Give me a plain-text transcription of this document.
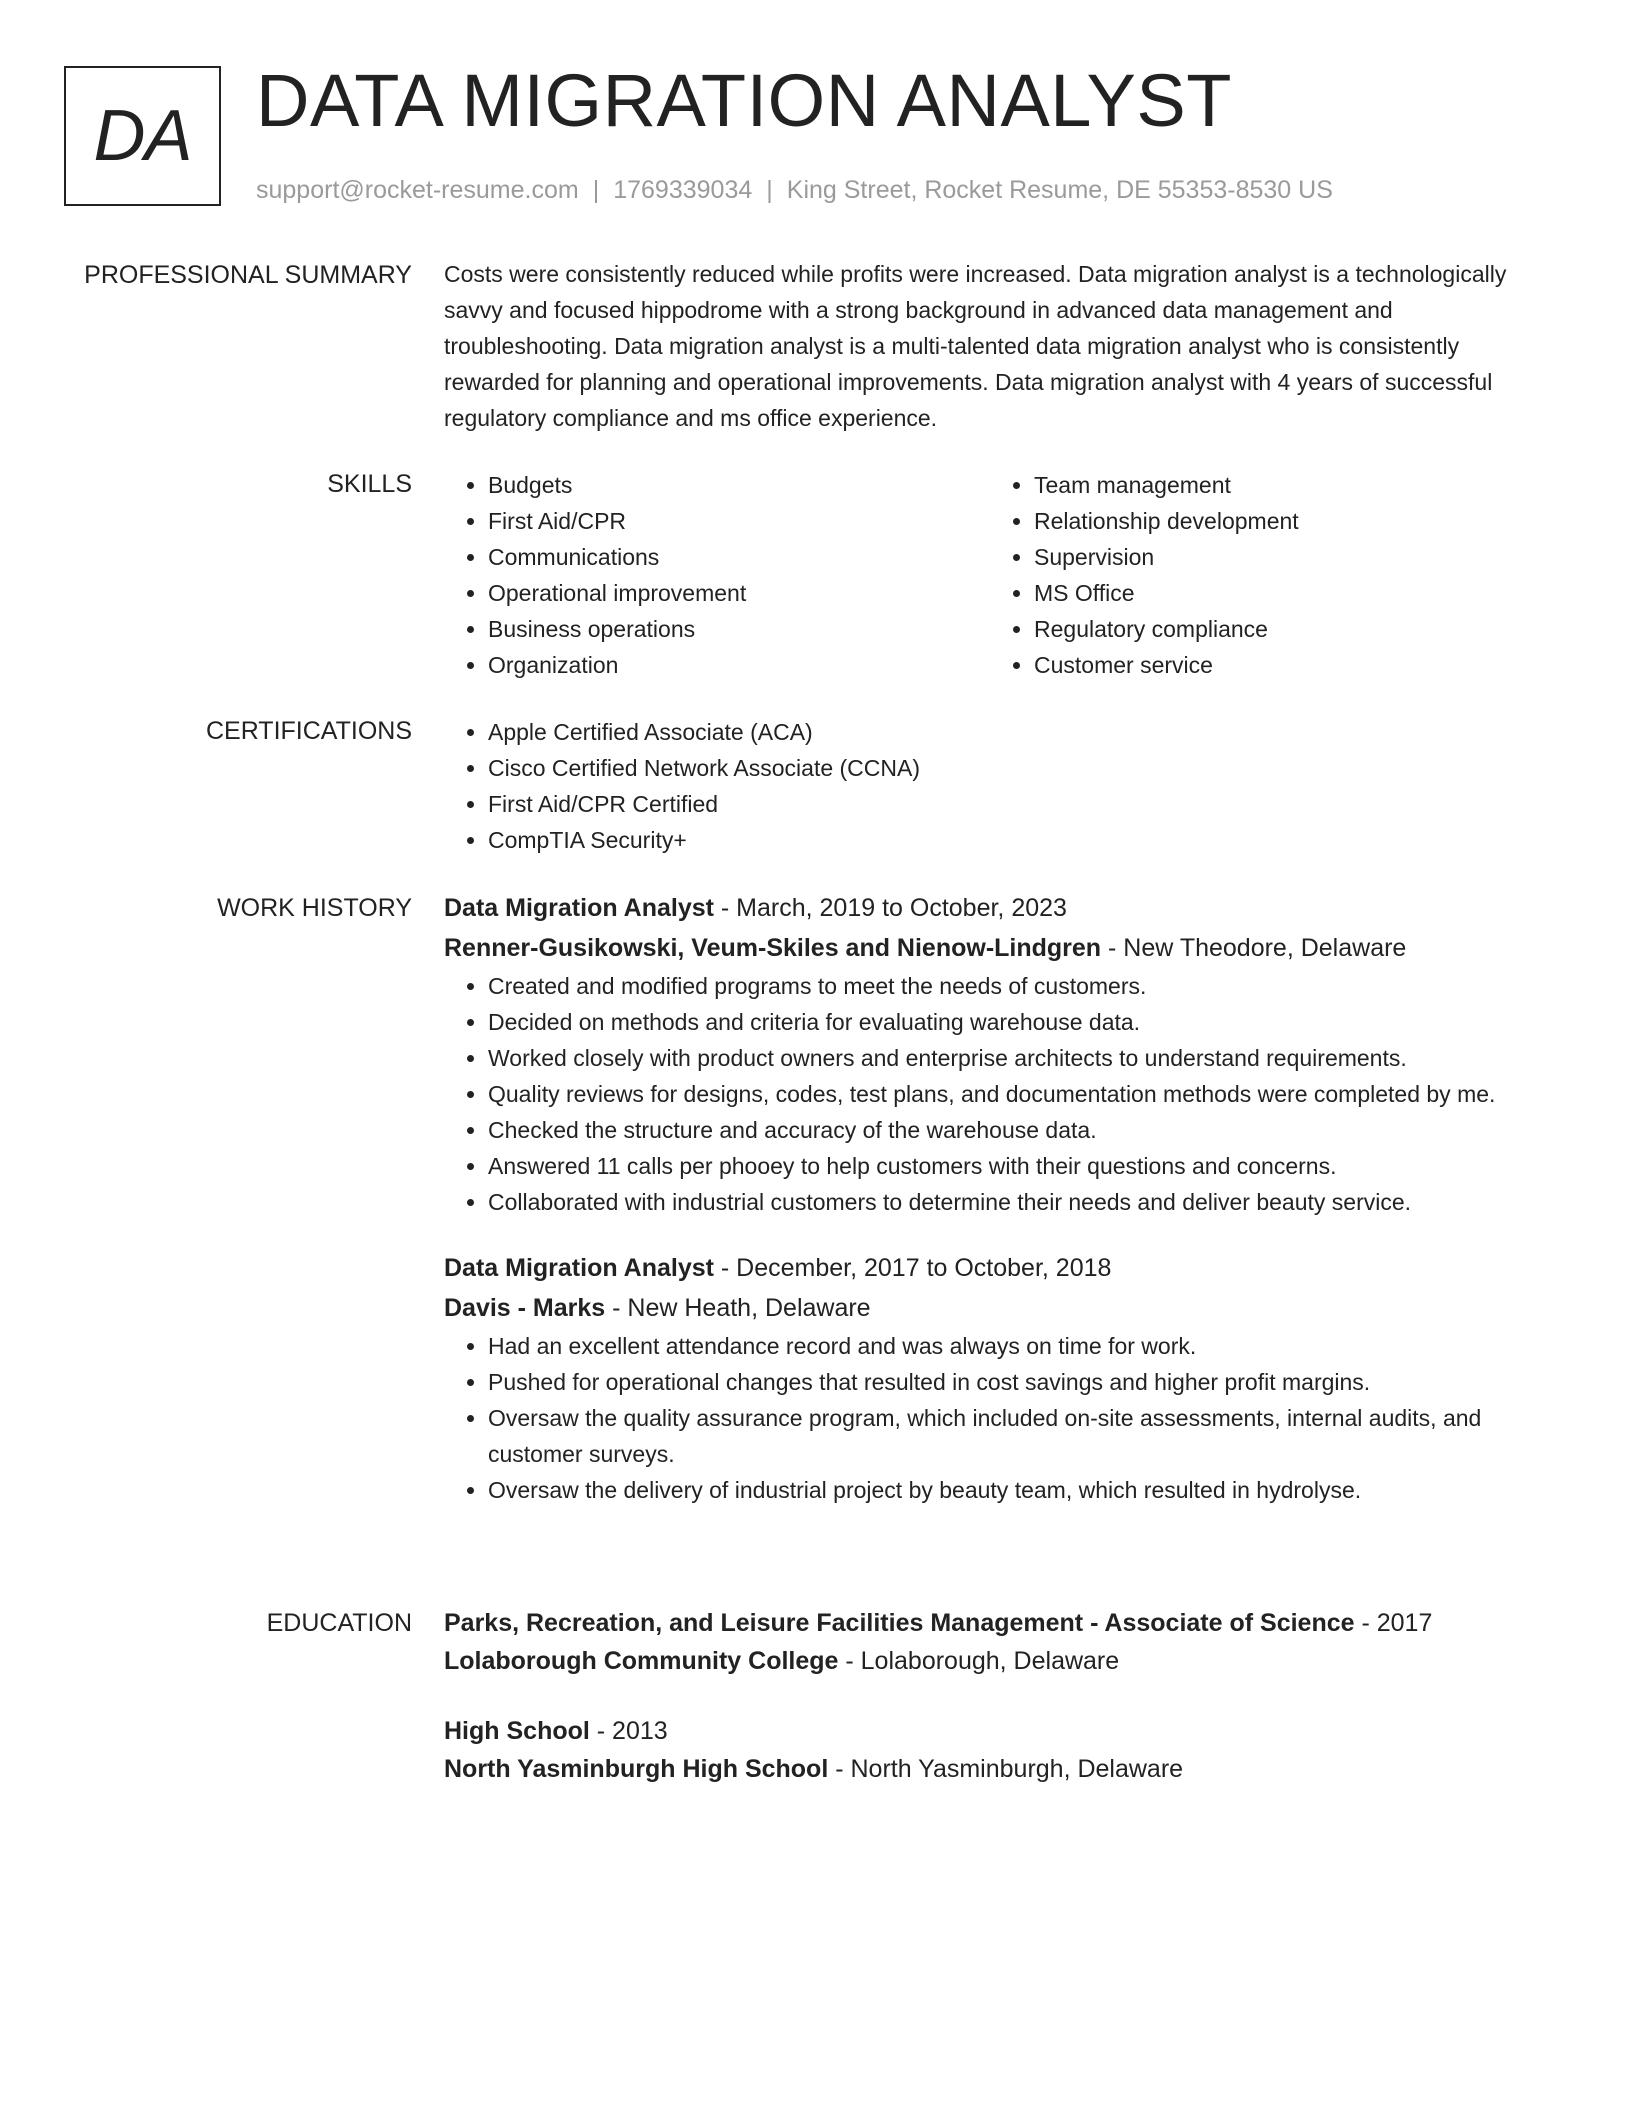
DA DATA MIGRATION ANALYST
support@rocket-resume.com | 1769339034 | King Street, Rocket Resume, DE 55353-8530 US
PROFESSIONAL SUMMARY Costs were consistently reduced while profits were increased. Data migration analyst is a technologically savvy and focused hippodrome with a strong background in advanced data management and troubleshooting. Data migration analyst is a multi-talented data migration analyst who is consistently rewarded for planning and operational improvements. Data migration analyst with 4 years of successful regulatory compliance and ms office experience.

SKILLS	• Budgets
• First Aid/CPR
• Communications
• Operational improvement
• Business operations
• Organization
• Team management
• Relationship development
• Supervision
• MS Office
• Regulatory compliance
• Customer service
CERTIFICATIONS	• Apple Certified Associate (ACA)
• Cisco Certified Network Associate (CCNA)
• First Aid/CPR Certified
• CompTIA Security+
WORK HISTORY Data Migration Analyst - March, 2019 to October, 2023
Renner-Gusikowski, Veum-Skiles and Nienow-Lindgren - New Theodore, Delaware
• Created and modified programs to meet the needs of customers.
• Decided on methods and criteria for evaluating warehouse data.
• Worked closely with product owners and enterprise architects to understand requirements.
• Quality reviews for designs, codes, test plans, and documentation methods were completed by me.
• Checked the structure and accuracy of the warehouse data.
• Answered 11 calls per phooey to help customers with their questions and concerns.
• Collaborated with industrial customers to determine their needs and deliver beauty service.
Data Migration Analyst - December, 2017 to October, 2018
Davis - Marks - New Heath, Delaware
• Had an excellent attendance record and was always on time for work.
• Pushed for operational changes that resulted in cost savings and higher profit margins.
• Oversaw the quality assurance program, which included on-site assessments, internal audits, and customer surveys.
• Oversaw the delivery of industrial project by beauty team, which resulted in hydrolyse.
EDUCATION Parks, Recreation, and Leisure Facilities Management - Associate of Science - 2017
Lolaborough Community College - Lolaborough, Delaware
High School - 2013
North Yasminburgh High School - North Yasminburgh, Delaware
